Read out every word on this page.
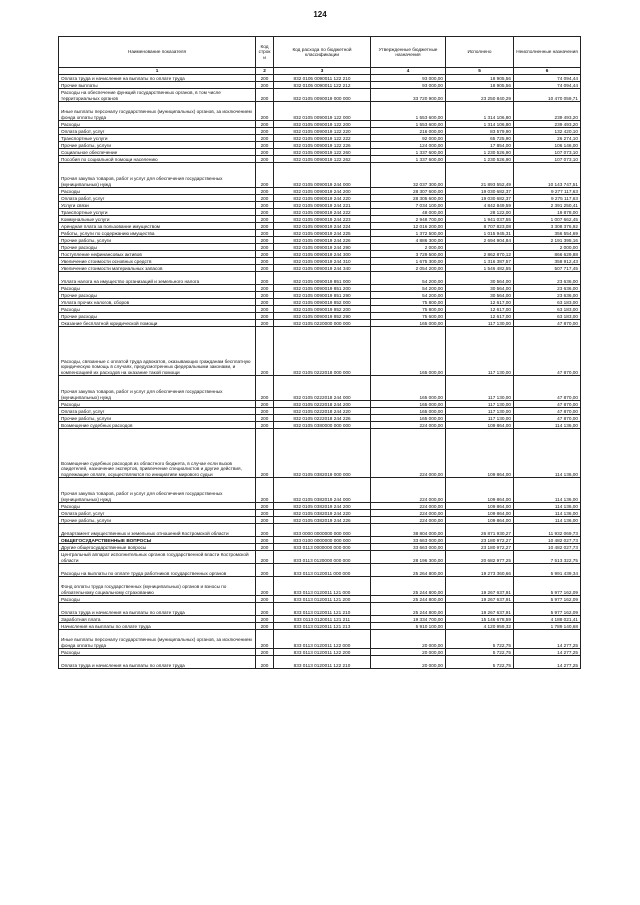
124
Наименование показателя	Код строк и	Код расхода по бюджетной классификации	Утвержденные бюджетные назначения	Исполнено	Неисполненные назначения
1	2	3	4	5	6
Оплата труда и начисления на выплаты по оплате труда	200	832 0105 0090011 122 210	93 000,00	18 905,56	74 094,44
Прочие выплаты	200	832 0105 0090011 122 212	93 000,00	18 905,56	74 094,44
Расходы на обеспечение функций государственных органов, в том числе территориальных органов	200	832 0105 0090019 000 000	33 720 900,00	23 250 840,29	10 470 059,71
Иные выплаты персоналу государственных (муниципальных) органов, за исключением фонда оплаты труда	200	832 0105 0090019 122 000	1 553 600,00	1 314 106,80	239 493,20
Расходы	200	832 0105 0090019 122 200	1 553 600,00	1 314 106,80	239 493,20
Оплата работ, услуг	200	832 0105 0090019 122 220	216 000,00	83 579,90	132 420,10
Транспортные услуги	200	832 0105 0090019 122 222	92 000,00	65 725,90	26 274,10
Прочие работы, услуги	200	832 0105 0090019 122 226	124 000,00	17 854,00	106 146,00
Социальное обеспечение	200	832 0105 0090019 122 260	1 337 600,00	1 230 526,90	107 073,10
Пособия по социальной помощи населению	200	832 0105 0090019 122 262	1 337 600,00	1 230 526,90	107 073,10
Прочая закупка товаров, работ и услуг для обеспечения государственных (муниципальных) нужд	200	832 0105 0090019 244 000	32 037 300,00	21 893 552,49	10 143 747,51
Расходы	200	832 0105 0090019 244 200	28 307 600,00	19 030 682,37	9 277 117,63
Оплата работ, услуг	200	832 0105 0090019 244 220	28 305 600,00	19 030 682,37	9 275 117,63
Услуги связи	200	832 0105 0090019 244 221	7 034 100,00	4 842 849,59	2 391 250,41
Транспортные услуги	200	832 0105 0090019 244 222	48 000,00	28 122,00	19 878,00
Коммунальные услуги	200	832 0105 0090019 244 223	2 948 700,00	1 941 037,55	1 007 662,45
Арендная плата за пользование имуществом	200	832 0105 0090019 244 224	12 016 200,00	8 707 823,08	3 308 376,92
Работы, услуги по содержанию имущества	200	832 0105 0090019 244 225	1 372 500,00	1 015 945,31	356 554,69
Прочие работы, услуги	200	832 0105 0090019 244 226	4 886 300,00	2 694 904,84	2 191 395,16
Прочие расходы	200	832 0105 0090019 244 290	2 000,00		2 000,00
Поступление нефинансовых активов	200	832 0105 0090019 244 300	3 729 500,00	2 862 870,12	866 629,88
Увеличение стоимости основных средств	200	832 0105 0090019 244 310	1 675 300,00	1 316 387,57	358 912,43
Увеличение стоимости материальных запасов	200	832 0105 0090019 244 340	2 054 200,00	1 546 482,55	507 717,45
Уплата налога на имущество организаций и земельного налога	200	832 0105 0090019 851 000	54 200,00	30 564,00	23 636,00
Расходы	200	832 0105 0090019 851 200	54 200,00	30 564,00	23 636,00
Прочие расходы	200	832 0105 0090019 851 290	54 200,00	30 564,00	23 636,00
Уплата прочих налогов, сборов	200	832 0105 0090019 852 000	75 800,00	12 617,00	63 183,00
Расходы	200	832 0105 0090019 852 200	75 800,00	12 617,00	63 183,00
Прочие расходы	200	832 0105 0090019 852 290	75 600,00	12 617,00	63 183,00
Оказание бесплатной юридической помощи	200	832 0105 0220000 000 000	165 000,00	117 130,00	47 870,00
Расходы, связанные с оплатой труда адвокатов, оказывающих гражданам бесплатную юридическую помощь в случаях, предусмотренных федеральными законами, и компенсацией их расходов на оказание такой помощи	200	832 0105 0222018 000 000	165 000,00	117 130,00	47 870,00
Прочая закупка товаров, работ и услуг для обеспечения государственных (муниципальных) нужд	200	832 0105 0222018 244 000	165 000,00	117 130,00	47 870,00
Расходы	200	832 0105 0222018 244 200	165 000,00	117 130,00	47 870,00
Оплата работ, услуг	200	832 0105 0222018 244 220	165 000,00	117 130,00	47 870,00
Прочие работы, услуги	200	832 0105 0222018 244 226	165 000,00	117 130,00	47 870,00
Возмещение судебных расходов	200	832 0105 0380000 000 000	224 000,00	109 864,00	114 136,00
Возмещение судебных расходов из областного бюджета, в случае если вызов свидетелей, назначение экспертов, привлечение специалистов и другие действия, подлежащие оплате, осуществляются по инициативе мирового судьи	200	832 0105 0382019 000 000	224 000,00	109 864,00	114 136,00
Прочая закупка товаров, работ и услуг для обеспечения государственных (муниципальных) нужд	200	832 0105 0382019 244 000	224 000,00	109 864,00	114 136,00
Расходы	200	832 0105 0382019 244 200	224 000,00	109 864,00	114 136,00
Оплата работ, услуг	200	832 0105 0382019 244 220	224 000,00	109 864,00	114 136,00
Прочие работы, услуги	200	832 0105 0382019 244 226	224 000,00	109 864,00	114 136,00
Департамент имущественных и земельных отношений Костромской области	200	833 0000 0000000 000 000	38 804 000,00	26 871 930,27	11 932 069,73
ОБЩЕГОСУДАРСТВЕННЫЕ ВОПРОСЫ	200	833 0100 0000000 000 000	33 663 000,00	23 180 972,27	10 482 027,73
Другие общегосударственные вопросы	200	833 0113 0000000 000 000	33 663 000,00	23 180 972,27	10 482 027,73
Центральный аппарат исполнительных органов государственной власти Костромской области	200	833 0113 0120000 000 000	28 196 300,00	20 682 977,25	7 513 322,75
Расходы на выплаты по оплате труда работников государственных органов	200	833 0113 0120011 000 000	25 264 800,00	19 273 360,66	5 991 439,34
Фонд оплаты труда государственных (муниципальных) органов и взносы по обязательному социальному страхованию	200	833 0113 0120011 121 000	25 244 800,00	19 267 637,91	5 977 162,09
Расходы	200	833 0113 0120011 121 200	25 244 800,00	19 267 637,91	5 977 162,09
Оплата труда и начисления на выплаты по оплате труда	200	833 0113 0120011 121 210	25 244 800,00	19 267 637,91	5 977 162,09
Заработная плата	200	833 0113 0120011 121 211	19 334 700,00	15 146 678,59	4 188 021,41
Начисления на выплаты по оплате труда	200	833 0113 0120011 121 213	5 910 100,00	4 120 959,32	1 789 140,68
Иные выплаты персоналу государственных (муниципальных) органов, за исключением фонда оплаты труда	200	833 0113 0120011 122 000	20 000,00	5 722,75	14 277,25
Расходы	200	833 0113 0120011 122 200	20 000,00	5 722,75	14 277,25
Оплата труда и начисления на выплаты по оплате труда	200	833 0113 0120011 122 210	20 000,00	5 722,75	14 277,25
